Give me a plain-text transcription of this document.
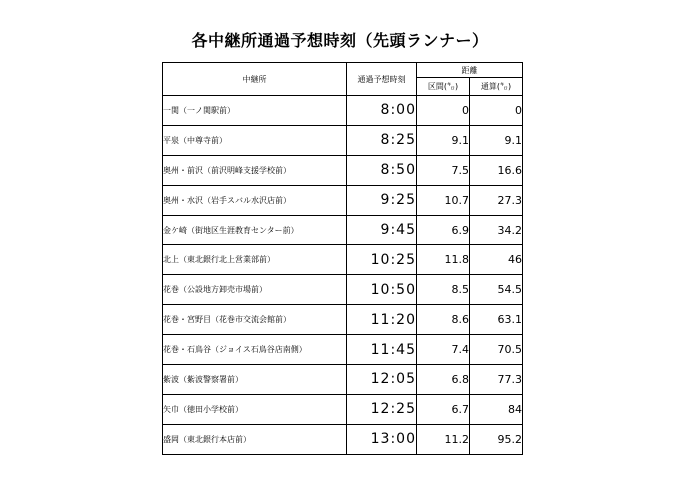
各中継所通過予想時刻（先頭ランナー）
中継所	通過予想時刻	距離	
		区間(㌔)	通算(㌔)
一関（一ノ関駅前）	8:00	0	0
平泉（中尊寺前）	8:25	9.1	9.1
奥州・前沢（前沢明峰支援学校前）	8:50	7.5	16.6
奥州・水沢（岩手スバル水沢店前）	9:25	10.7	27.3
金ケ崎（街地区生涯教育センター前）	9:45	6.9	34.2
北上（東北銀行北上営業部前）	10:25	11.8	46
花巻（公設地方卸売市場前）	10:50	8.5	54.5
花巻・宮野目（花巻市交流会館前）	11:20	8.6	63.1
花巻・石鳥谷（ジョイス石鳥谷店南側）	11:45	7.4	70.5
紫波（紫波警察署前）	12:05	6.8	77.3
矢巾（徳田小学校前）	12:25	6.7	84
盛岡（東北銀行本店前）	13:00	11.2	95.2
